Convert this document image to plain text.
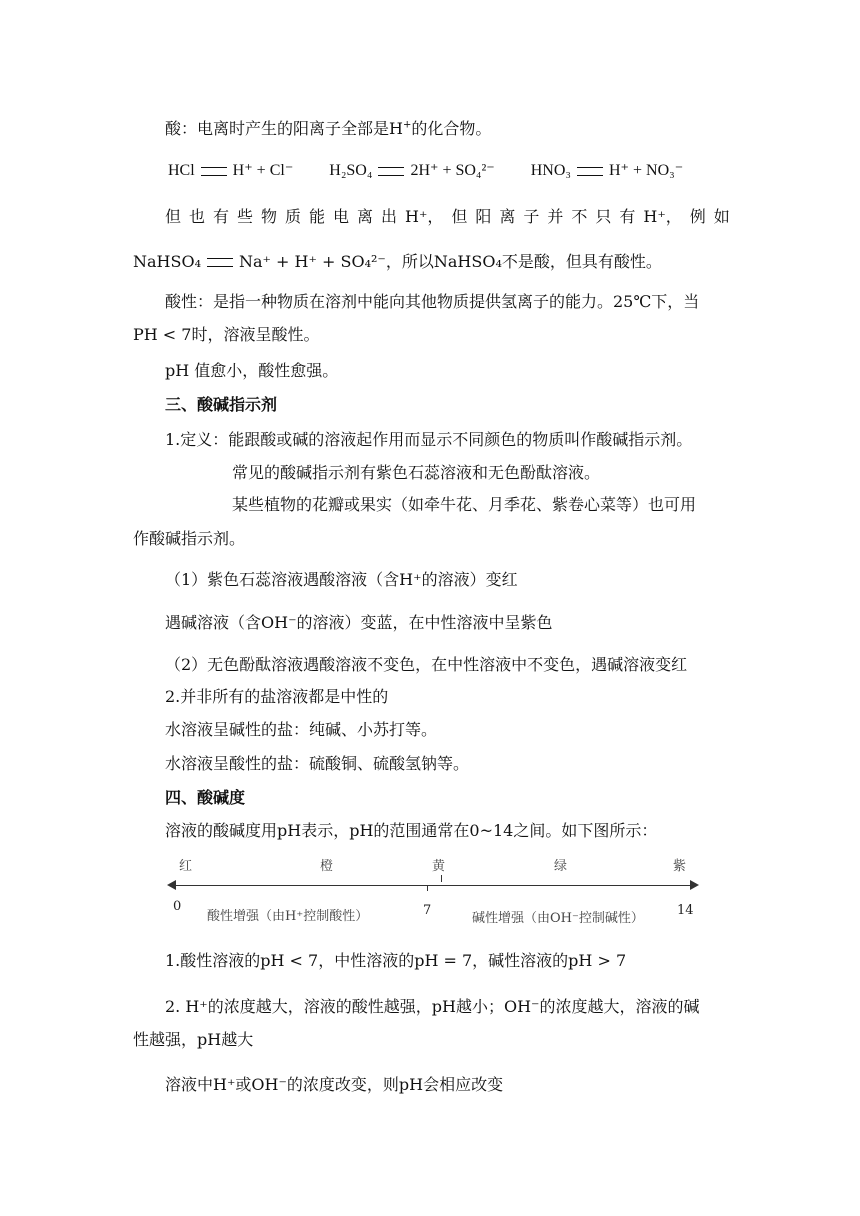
酸：电离时产生的阳离子全部是H+的化合物。
HCl H⁺ + Cl⁻ H₂SO₄ 2H⁺ + SO₄²⁻ HNO₃ H⁺ + NO₃⁻
但 也 有 些 物 质 能 电 离 出 H⁺， 但 阳 离 子 并 不 只 有 H⁺， 例 如
NaHSO₄ Na⁺ + H⁺ + SO₄²⁻，所以NaHSO₄不是酸，但具有酸性。
酸性：是指一种物质在溶剂中能向其他物质提供氢离子的能力。25℃下，当
PH < 7时，溶液呈酸性。
pH 值愈小，酸性愈强。
三、酸碱指示剂
1.定义：能跟酸或碱的溶液起作用而显示不同颜色的物质叫作酸碱指示剂。
常见的酸碱指示剂有紫色石蕊溶液和无色酚酞溶液。
某些植物的花瓣或果实（如牵牛花、月季花、紫卷心菜等）也可用
作酸碱指示剂。
（1）紫色石蕊溶液遇酸溶液（含H⁺的溶液）变红
遇碱溶液（含OH⁻的溶液）变蓝，在中性溶液中呈紫色
（2）无色酚酞溶液遇酸溶液不变色，在中性溶液中不变色，遇碱溶液变红
2.并非所有的盐溶液都是中性的
水溶液呈碱性的盐：纯碱、小苏打等。
水溶液呈酸性的盐：硫酸铜、硫酸氢钠等。
四、酸碱度
溶液的酸碱度用pH表示，pH的范围通常在0~14之间。如下图所示：
红	橙	黄	绿	紫
0
酸性增强（由H⁺控制酸性）	7
碱性增强（由OH⁻控制碱性）
14
1.酸性溶液的pH < 7，中性溶液的pH = 7，碱性溶液的pH > 7
2. H⁺的浓度越大，溶液的酸性越强，pH越小；OH⁻的浓度越大，溶液的碱
性越强，pH越大
溶液中H⁺或OH⁻的浓度改变，则pH会相应改变
